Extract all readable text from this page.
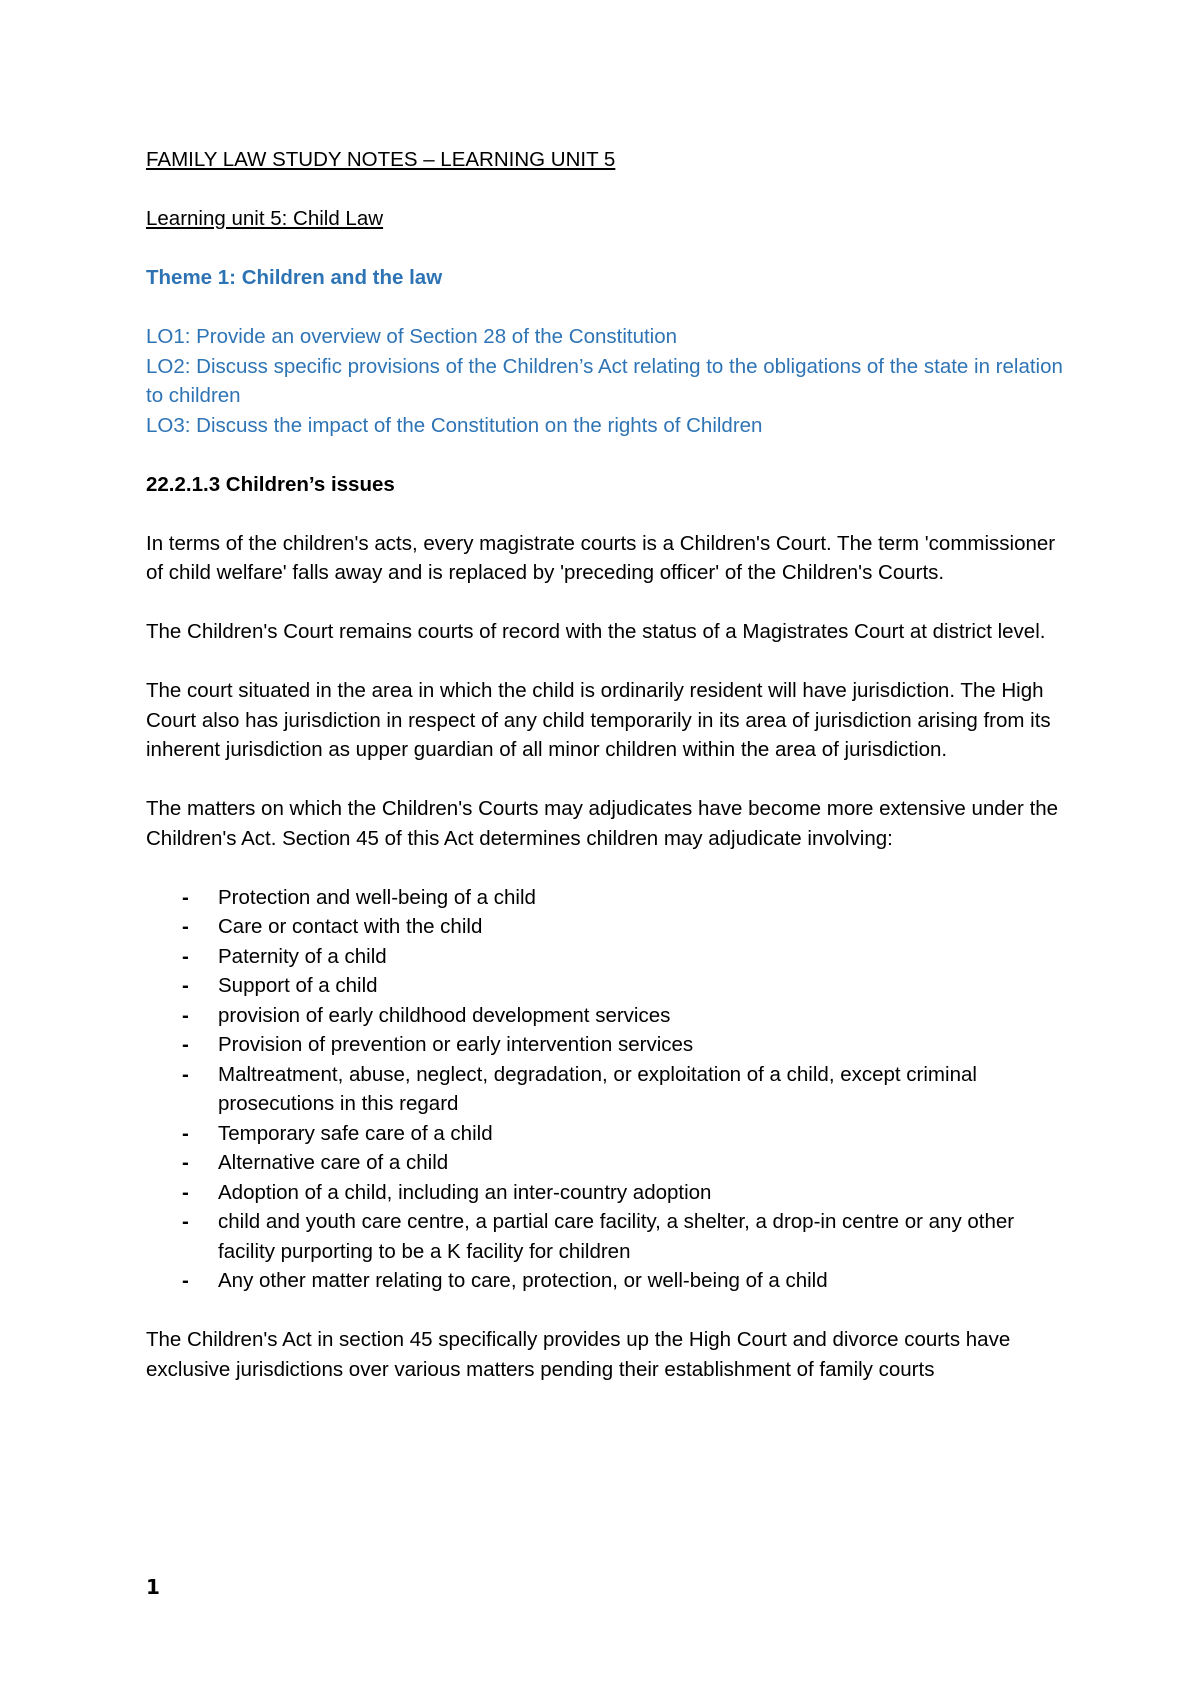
FAMILY LAW STUDY NOTES – LEARNING UNIT 5

Learning unit 5: Child Law

Theme 1: Children and the law

LO1: Provide an overview of Section 28 of the Constitution

LO2: Discuss specific provisions of the Children’s Act relating to the obligations of the state in relation to children

LO3: Discuss the impact of the Constitution on the rights of Children

22.2.1.3 Children’s issues

In terms of the children's acts, every magistrate courts is a Children's Court. The term 'commissioner of child welfare' falls away and is replaced by 'preceding officer' of the Children's Courts.

The Children's Court remains courts of record with the status of a Magistrates Court at district level.

The court situated in the area in which the child is ordinarily resident will have jurisdiction. The High Court also has jurisdiction in respect of any child temporarily in its area of jurisdiction arising from its inherent jurisdiction as upper guardian of all minor children within the area of jurisdiction.

The matters on which the Children's Courts may adjudicates have become more extensive under the Children's Act. Section 45 of this Act determines children may adjudicate involving:

- Protection and well-being of a child
- Care or contact with the child
- Paternity of a child
- Support of a child
- provision of early childhood development services
- Provision of prevention or early intervention services
- Maltreatment, abuse, neglect, degradation, or exploitation of a child, except criminal prosecutions in this regard
- Temporary safe care of a child
- Alternative care of a child
- Adoption of a child, including an inter-country adoption
- child and youth care centre, a partial care facility, a shelter, a drop-in centre or any other facility purporting to be a K facility for children
- Any other matter relating to care, protection, or well-being of a child

The Children's Act in section 45 specifically provides up the High Court and divorce courts have exclusive jurisdictions over various matters pending their establishment of family courts

1
